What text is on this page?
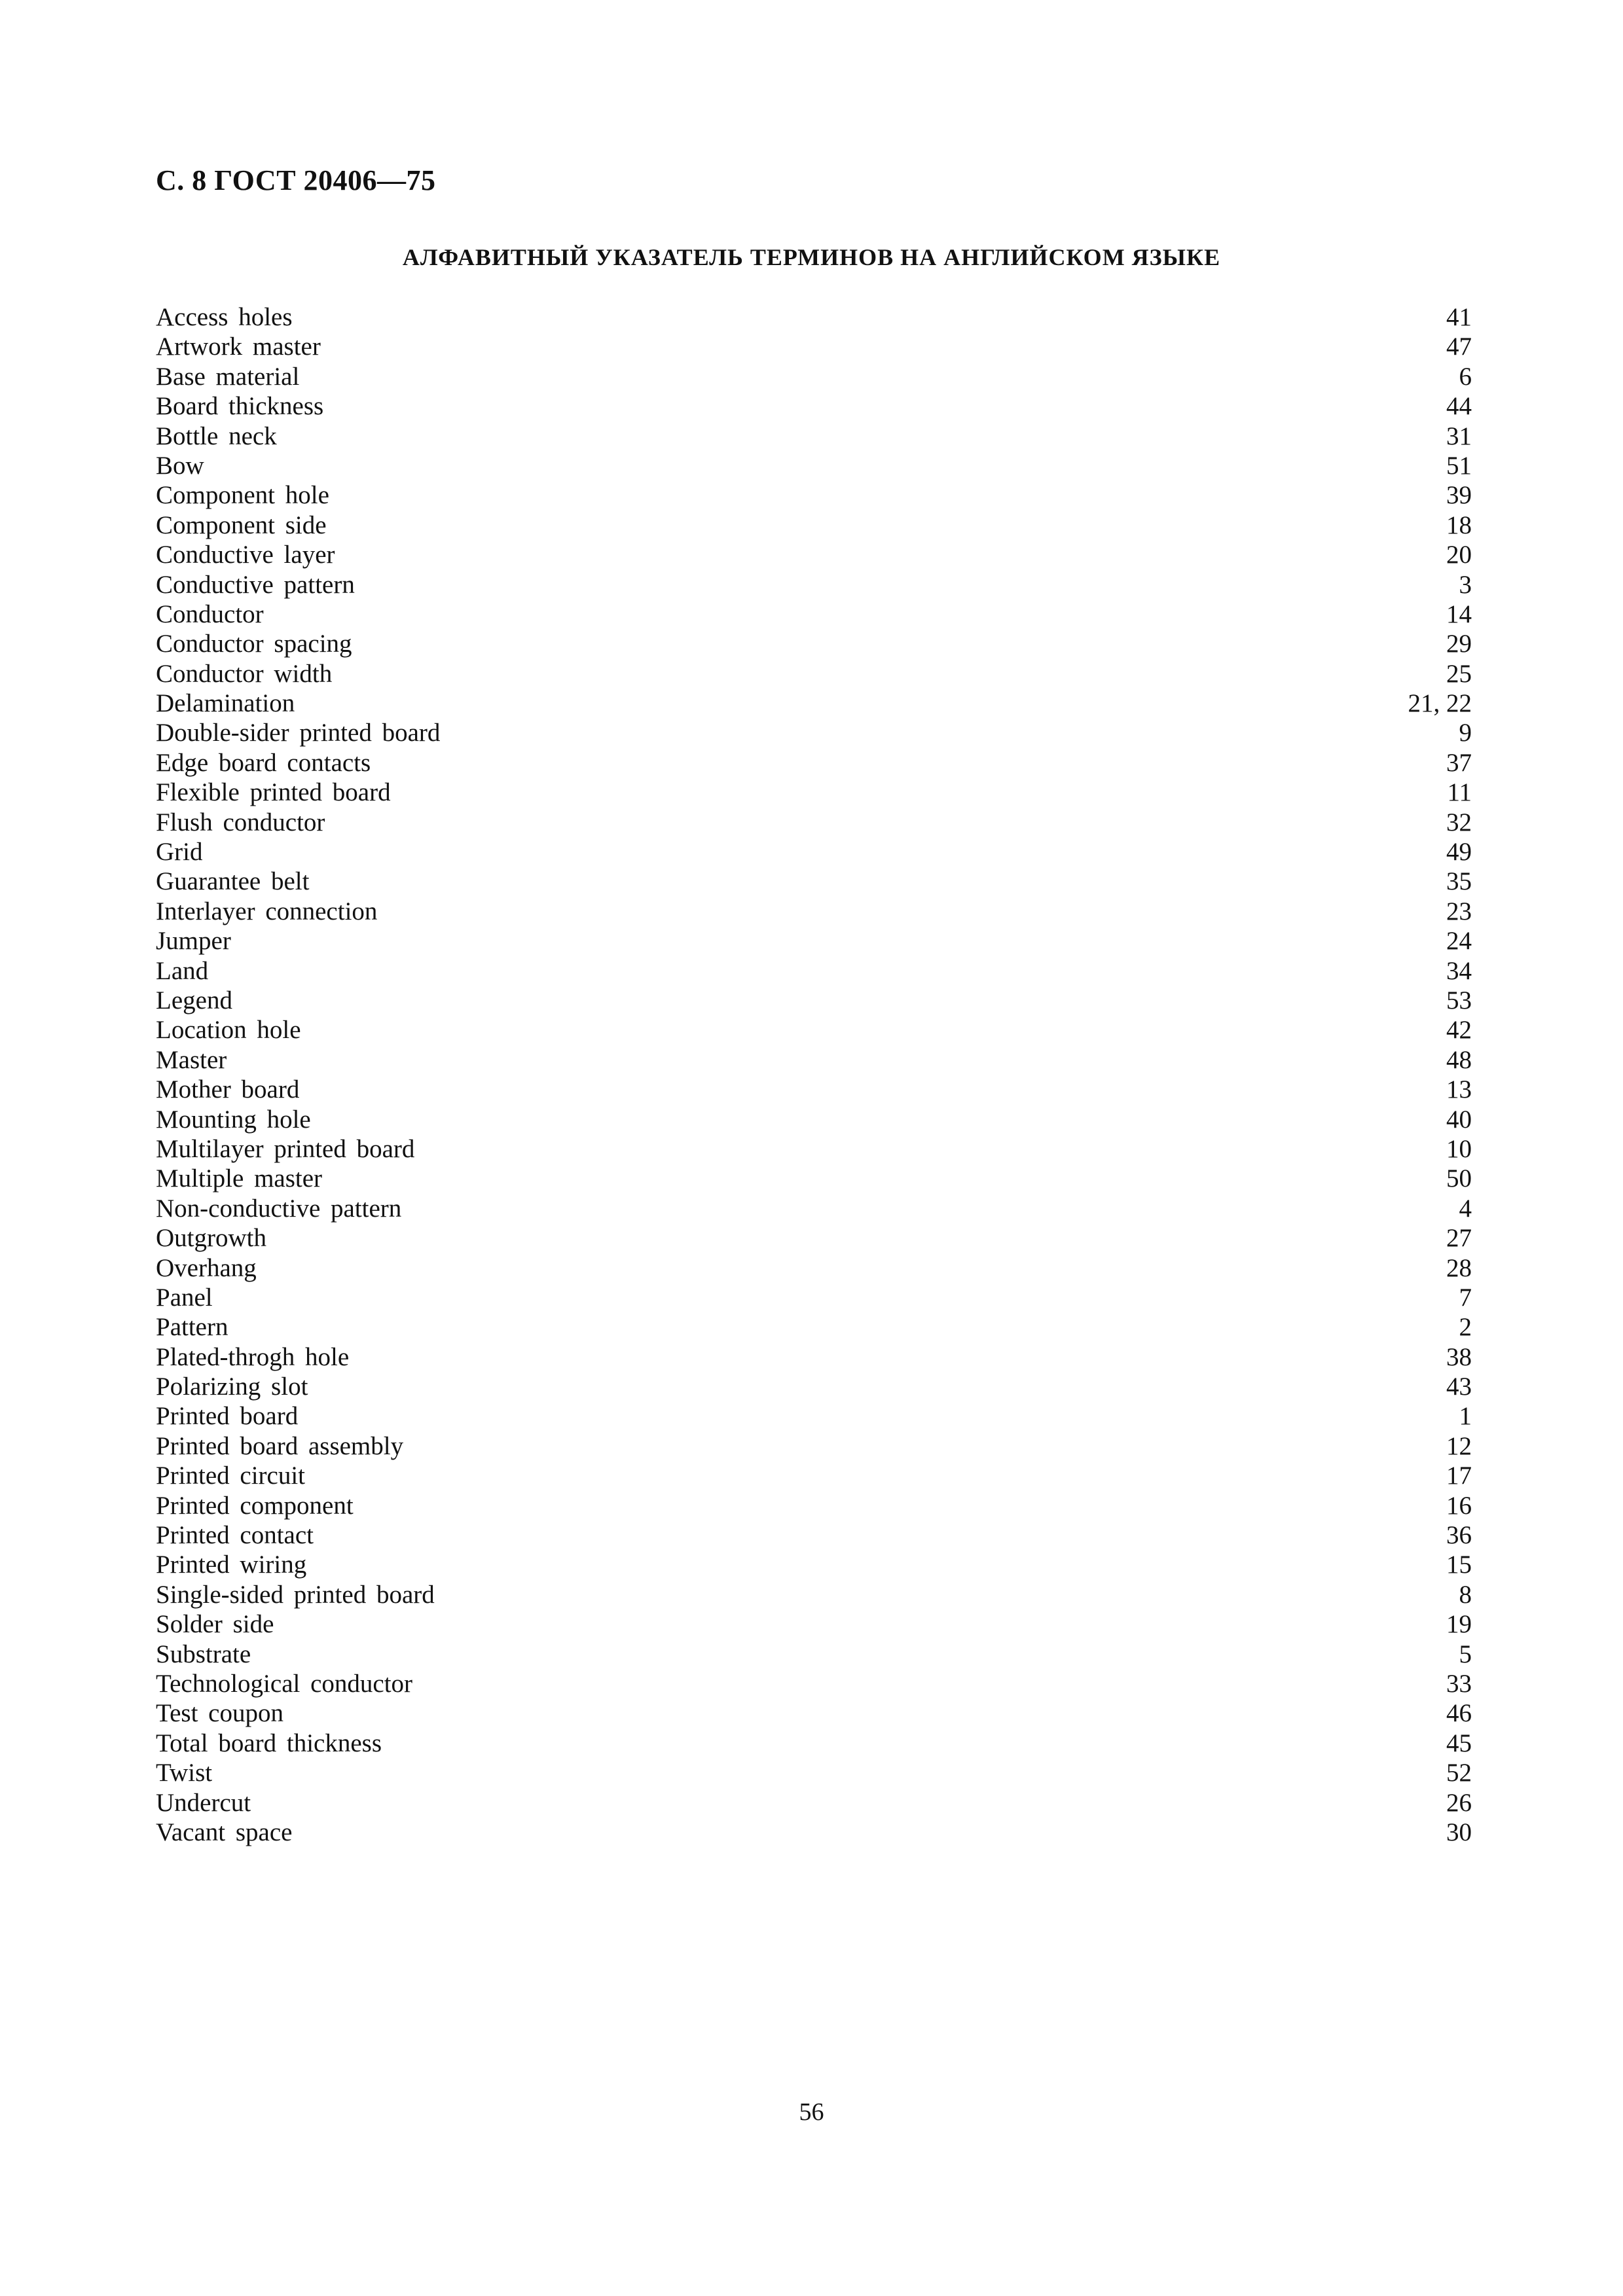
С. 8 ГОСТ 20406—75
АЛФАВИТНЫЙ УКАЗАТЕЛЬ ТЕРМИНОВ НА АНГЛИЙСКОМ ЯЗЫКЕ
Access holes	41
Artwork master	47
Base material	6
Board thickness	44
Bottle neck	31
Bow	51
Component hole	39
Component side	18
Conductive layer	20
Conductive pattern	3
Conductor	14
Conductor spacing	29
Conductor width	25
Delamination	21, 22
Double-sider printed board	9
Edge board contacts	37
Flexible printed board	11
Flush conductor	32
Grid	49
Guarantee belt	35
Interlayer connection	23
Jumper	24
Land	34
Legend	53
Location hole	42
Master	48
Mother board	13
Mounting hole	40
Multilayer printed board	10
Multiple master	50
Non-conductive pattern	4
Outgrowth	27
Overhang	28
Panel	7
Pattern	2
Plated-throgh hole	38
Polarizing slot	43
Printed board	1
Printed board assembly	12
Printed circuit	17
Printed component	16
Printed contact	36
Printed wiring	15
Single-sided printed board	8
Solder side	19
Substrate	5
Technological conductor	33
Test coupon	46
Total board thickness	45
Twist	52
Undercut	26
Vacant space	30
56
